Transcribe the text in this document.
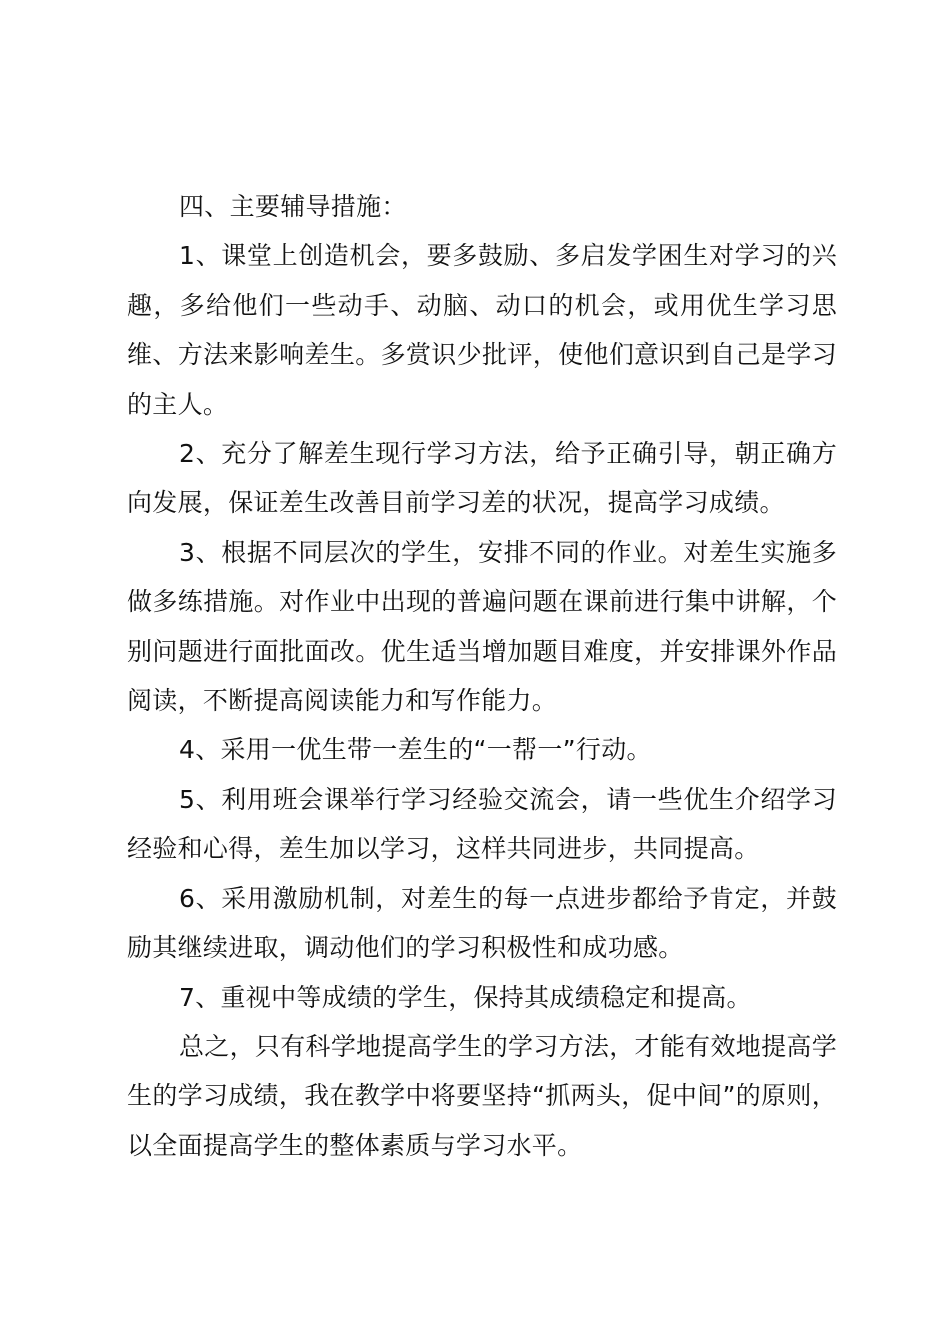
四、主要辅导措施：

1、课堂上创造机会，要多鼓励、多启发学困生对学习的兴趣，多给他们一些动手、动脑、动口的机会，或用优生学习思维、方法来影响差生。多赏识少批评，使他们意识到自己是学习的主人。

2、充分了解差生现行学习方法，给予正确引导，朝正确方向发展，保证差生改善目前学习差的状况，提高学习成绩。

3、根据不同层次的学生，安排不同的作业。对差生实施多做多练措施。对作业中出现的普遍问题在课前进行集中讲解，个别问题进行面批面改。优生适当增加题目难度，并安排课外作品阅读，不断提高阅读能力和写作能力。

4、采用一优生带一差生的“一帮一”行动。

5、利用班会课举行学习经验交流会，请一些优生介绍学习经验和心得，差生加以学习，这样共同进步，共同提高。

6、采用激励机制，对差生的每一点进步都给予肯定，并鼓励其继续进取，调动他们的学习积极性和成功感。

7、重视中等成绩的学生，保持其成绩稳定和提高。

总之，只有科学地提高学生的学习方法，才能有效地提高学生的学习成绩，我在教学中将要坚持“抓两头，促中间”的原则，以全面提高学生的整体素质与学习水平。
